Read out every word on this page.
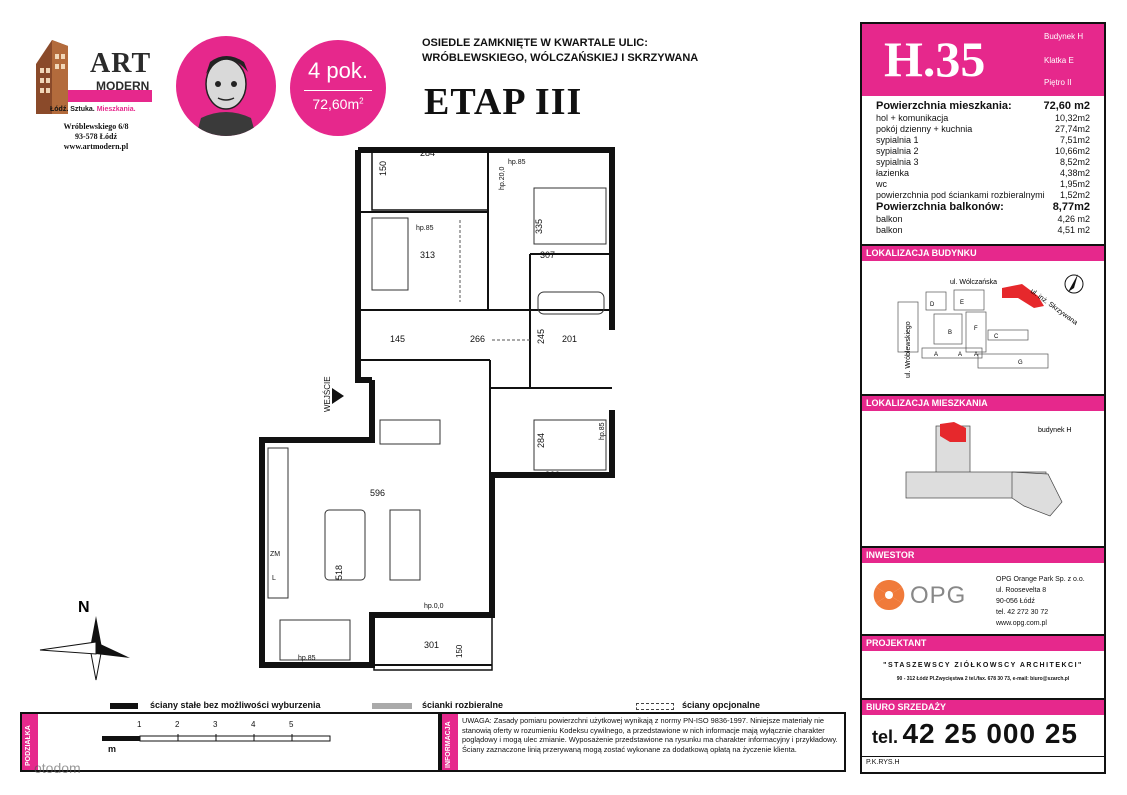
ART
MODERN
Łódź. Sztuka. Mieszkania.
Wróblewskiego 6/8
93-578 Łódź
www.artmodern.pl
4 pok.
$72,60m^2$
OSIEDLE ZAMKNIĘTE W KWARTALE ULIC:
WRÓBLEWSKIEGO, WÓLCZAŃSKIEJ I SKRZYWANA
ETAP III
H.35	Budynek H
Klatka E
Piętro II
Powierzchnia mieszkania:	72,60 m2
hol + komunikacja	10,32m2
pokój dzienny + kuchnia	27,74m2
sypialnia 1	7,51m2
sypialnia 2	10,66m2
sypialnia 3	8,52m2
łazienka	4,38m2
wc	1,95m2
powierzchnia pod ściankami rozbieralnymi 1,52m2
Powierzchnia balkonów:	8,77m2
balkon	4,26 m2
balkon	4,51 m2
LOKALIZACJA BUDYNKU
D	E
F
B
C
A	A
G
A
ul. Wólczańska
ul. inż. Skrzywana
ul. Wróblewskiego
LOKALIZACJA MIESZKANIA
budynek H
INWESTOR
OPG
OPG Orange Park Sp. z o.o.
ul. Roosevelta 8
90-056 Łódź
tel. 42 272 30 72
www.opg.com.pl
PROJEKTANT
"STASZEWSCY ZIÓŁKOWSCY ARCHITEKCI"
90 - 312 Łódź Pl.Zwycięstwa 2 tel./fax. 678 30 73, e-mail: biuro@szarch.pl
BIURO SRZEDAŻY
tel. 42 25 000 25
P.K.RYS.H
284
150
335
313	307
266
145	245 201
284
300
596
518
301 150
hp.85
hp.20,0
hp.85
hp.85
hp.0,0
hp.85
ZM
L
WEJŚCIE
N
ściany stałe bez możliwości wyburzenia	ścianki rozbieralne	ściany opcjonalne
PODZIAŁKA	m
1	2	3	4	5
otodom	INFORMACJA
UWAGA: Zasady pomiaru powierzchni użytkowej wynikają z normy PN-ISO 9836-1997. Niniejsze materiały nie stanowią oferty w rozumieniu Kodeksu cywilnego, a przedstawione w nich informacje mają wyłącznie charakter poglądowy i mogą ulec zmianie. Wyposażenie przedstawione na rysunku ma charakter informacyjny i przykładowy. Ściany zaznaczone linią przerywaną mogą zostać wykonane za dodatkową opłatą na życzenie klienta.
